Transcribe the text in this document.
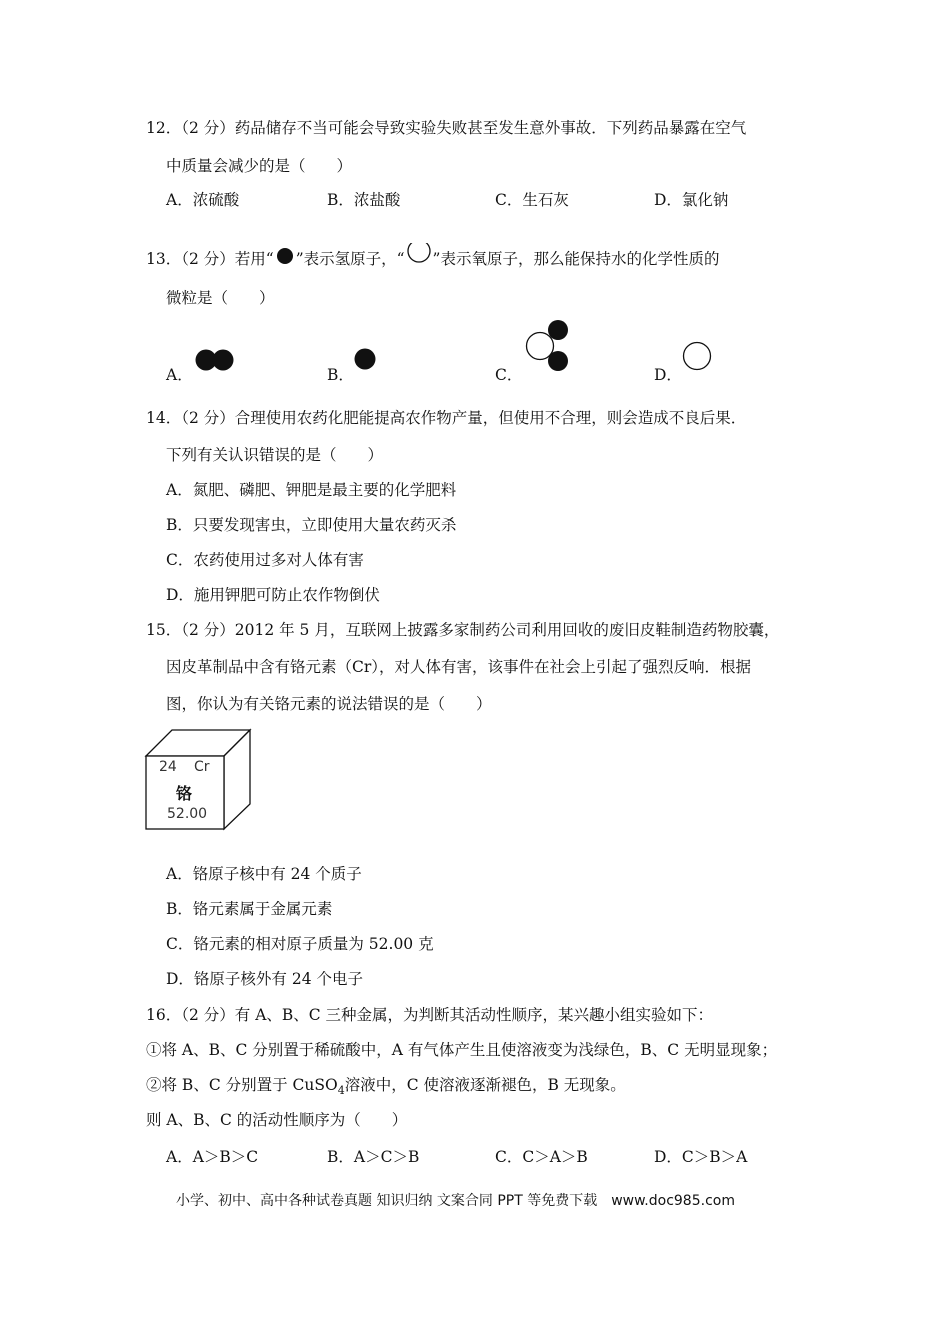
12．（2 分）药品储存不当可能会导致实验失败甚至发生意外事故．下列药品暴露在空气
中质量会减少的是（　　）
A．浓硫酸	B．浓盐酸	C．生石灰	D．氯化钠
13．（2 分）若用“ ”表示氢原子，“ ”表示氧原子，那么能保持水的化学性质的
微粒是（　　）
A．	B．	C．	D．
14．（2 分）合理使用农药化肥能提高农作物产量，但使用不合理，则会造成不良后果．
下列有关认识错误的是（　　）
A．氮肥、磷肥、钾肥是最主要的化学肥料
B．只要发现害虫，立即使用大量农药灭杀
C．农药使用过多对人体有害
D．施用钾肥可防止农作物倒伏
15．（2 分）2012 年 5 月，互联网上披露多家制药公司利用回收的废旧皮鞋制造药物胶囊，
因皮革制品中含有铬元素（Cr），对人体有害，该事件在社会上引起了强烈反响．根据
图，你认为有关铬元素的说法错误的是（　　）
24 Cr
铬
52.00
A．铬原子核中有 24 个质子
B．铬元素属于金属元素
C．铬元素的相对原子质量为 52.00 克
D．铬原子核外有 24 个电子
16．（2 分）有 A、B、C 三种金属，为判断其活动性顺序，某兴趣小组实验如下：
①将 A、B、C 分别置于稀硫酸中，A 有气体产生且使溶液变为浅绿色，B、C 无明显现象；
②将 B、C 分别置于 CuSO$_4$溶液中，C 使溶液逐渐褪色，B 无现象。
则 A、B、C 的活动性顺序为（　　）
A．A＞B＞C	B．A＞C＞B	C．C＞A＞B	D．C＞B＞A
小学、初中、高中各种试卷真题 知识归纳 文案合同 PPT 等免费下载　www.doc985.com
